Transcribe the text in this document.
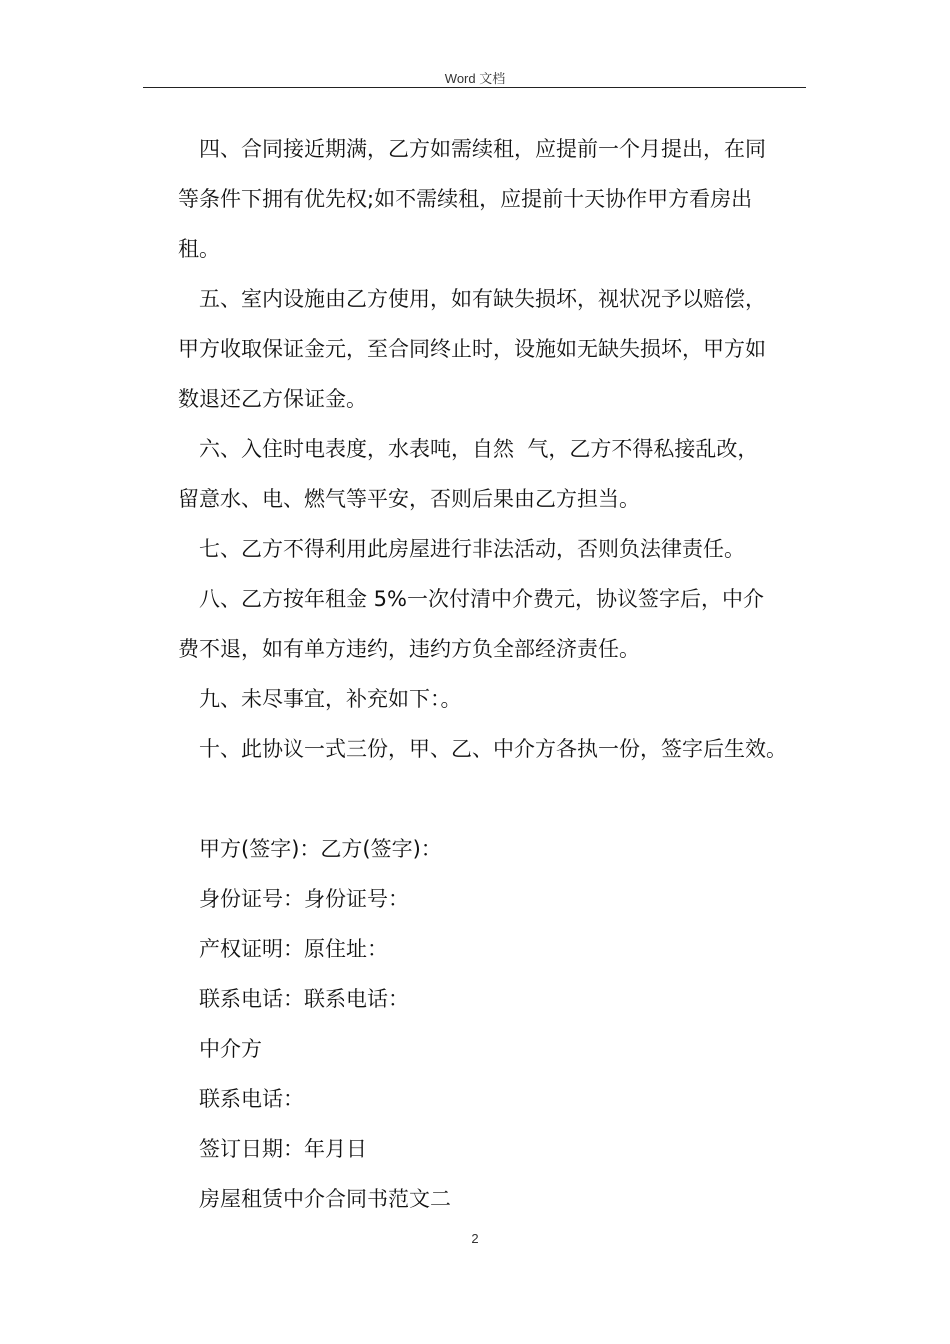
Word 文档

四、合同接近期满，乙方如需续租，应提前一个月提出，在同

等条件下拥有优先权;如不需续租，应提前十天协作甲方看房出

租。

五、室内设施由乙方使用，如有缺失损坏，视状况予以赔偿，

甲方收取保证金元，至合同终止时，设施如无缺失损坏，甲方如

数退还乙方保证金。

六、入住时电表度，水表吨，自然  气，乙方不得私接乱改，

留意水、电、燃气等平安，否则后果由乙方担当。

七、乙方不得利用此房屋进行非法活动，否则负法律责任。

八、乙方按年租金 5%一次付清中介费元，协议签字后，中介

费不退，如有单方违约，违约方负全部经济责任。

九、未尽事宜，补充如下：。

十、此协议一式三份，甲、乙、中介方各执一份，签字后生效。

甲方(签字)：乙方(签字)：

身份证号：身份证号：

产权证明：原住址：

联系电话：联系电话：

中介方

联系电话：

签订日期：年月日

房屋租赁中介合同书范文二

2
